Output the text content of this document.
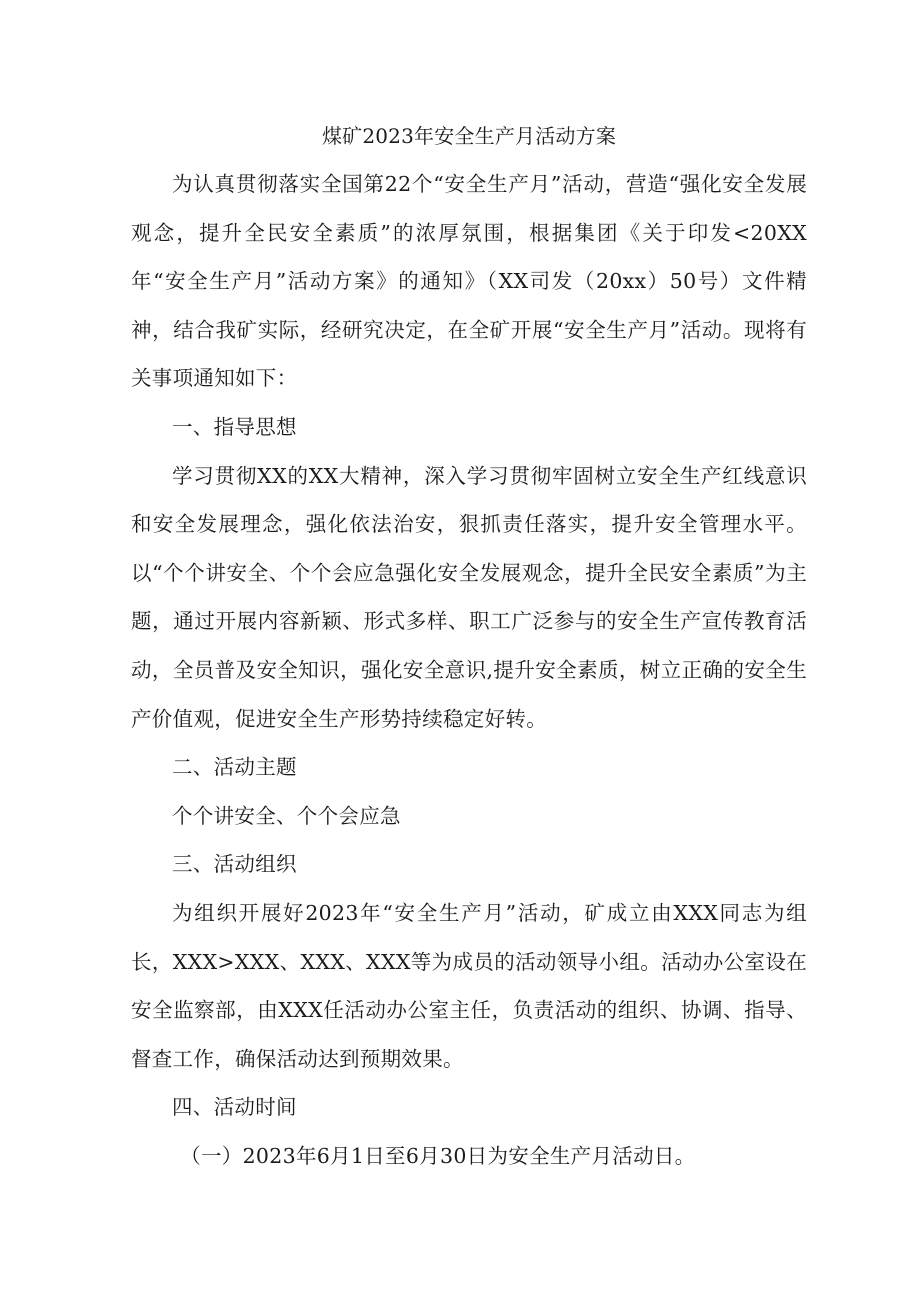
煤矿2023年安全生产月活动方案

为认真贯彻落实全国第22个“安全生产月”活动，营造“强化安全发展观念，提升全民安全素质”的浓厚氛围，根据集团《关于印发<20XX年“安全生产月”活动方案》的通知》（XX司发（20xx）50号）文件精神，结合我矿实际，经研究决定，在全矿开展“安全生产月”活动。现将有关事项通知如下：

一、指导思想

学习贯彻XX的XX大精神，深入学习贯彻牢固树立安全生产红线意识和安全发展理念，强化依法治安，狠抓责任落实，提升安全管理水平。以“个个讲安全、个个会应急强化安全发展观念，提升全民安全素质”为主题，通过开展内容新颖、形式多样、职工广泛参与的安全生产宣传教育活动，全员普及安全知识，强化安全意识,提升安全素质，树立正确的安全生产价值观，促进安全生产形势持续稳定好转。

二、活动主题

个个讲安全、个个会应急

三、活动组织

为组织开展好2023年“安全生产月”活动，矿成立由XXX同志为组长，XXX>XXX、XXX、XXX等为成员的活动领导小组。活动办公室设在安全监察部，由XXX任活动办公室主任，负责活动的组织、协调、指导、督查工作，确保活动达到预期效果。

四、活动时间

（一）2023年6月1日至6月30日为安全生产月活动日。
